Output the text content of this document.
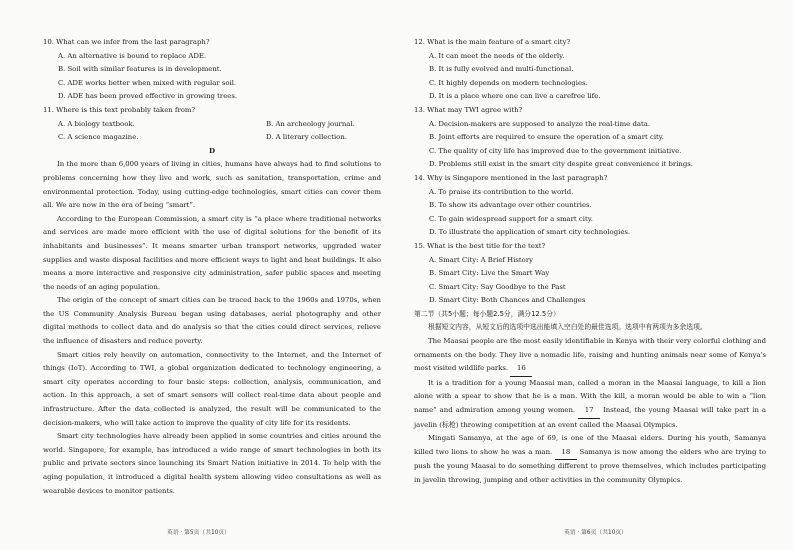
10. What can we infer from the last paragraph?
A. An alternative is bound to replace ADE.
B. Soil with similar features is in development.
C. ADE works better when mixed with regular soil.
D. ADE has been proved effective in growing trees.
11. Where is this text probably taken from?
A. A biology textbook.	B. An archeology journal.
C. A science magazine.	D. A literary collection.
D
In the more than 6,000 years of living in cities, humans have always had to find solutions to problems concerning how they live and work, such as sanitation, transportation, crime and environmental protection. Today, using cutting-edge technologies, smart cities can cover them all. We are now in the era of being “smart”.
According to the European Commission, a smart city is “a place where traditional networks and services are made more efficient with the use of digital solutions for the benefit of its inhabitants and businesses”. It means smarter urban transport networks, upgraded water supplies and waste disposal facilities and more efficient ways to light and heat buildings. It also means a more interactive and responsive city administration, safer public spaces and meeting the needs of an aging population.
The origin of the concept of smart cities can be traced back to the 1960s and 1970s, when the US Community Analysis Bureau began using databases, aerial photography and other digital methods to collect data and do analysis so that the cities could direct services, relieve the influence of disasters and reduce poverty.
Smart cities rely heavily on automation, connectivity to the Internet, and the Internet of things (IoT). According to TWI, a global organization dedicated to technology engineering, a smart city operates according to four basic steps: collection, analysis, communication, and action. In this approach, a set of smart sensors will collect real-time data about people and infrastructure. After the data collected is analyzed, the result will be communicated to the decision-makers, who will take action to improve the quality of city life for its residents.
Smart city technologies have already been applied in some countries and cities around the world. Singapore, for example, has introduced a wide range of smart technologies in both its public and private sectors since launching its Smart Nation initiative in 2014. To help with the aging population, it introduced a digital health system allowing video consultations as well as wearable devices to monitor patients.
英语 · 第5页（共10页）
12. What is the main feature of a smart city?
A. It can meet the needs of the elderly.
B. It is fully evolved and multi-functional.
C. It highly depends on modern technologies.
D. It is a place where one can live a carefree life.
13. What may TWI agree with?
A. Decision-makers are supposed to analyze the real-time data.
B. Joint efforts are required to ensure the operation of a smart city.
C. The quality of city life has improved due to the government initiative.
D. Problems still exist in the smart city despite great convenience it brings.
14. Why is Singapore mentioned in the last paragraph?
A. To praise its contribution to the world.
B. To show its advantage over other countries.
C. To gain widespread support for a smart city.
D. To illustrate the application of smart city technologies.
15. What is the best title for the text?
A. Smart City: A Brief History
B. Smart City: Live the Smart Way
C. Smart City: Say Goodbye to the Past
D. Smart City: Both Chances and Challenges
第二节（共5小题；每小题2.5分，满分12.5分）
根据短文内容，从短文后的选项中选出能填入空白处的最佳选项。选项中有两项为多余选项。
The Maasai people are the most easily identifiable in Kenya with their very colorful clothing and ornaments on the body. They live a nomadic life, raising and hunting animals near some of Kenya's most visited wildlife parks. 16
It is a tradition for a young Maasai man, called a moran in the Maasai language, to kill a lion alone with a spear to show that he is a man. With the kill, a moran would be able to win a “lion name” and admiration among young women. 17 Instead, the young Maasai will take part in a javelin (标枪) throwing competition at an event called the Maasai Olympics.
Mingati Samanya, at the age of 69, is one of the Maasai elders. During his youth, Samanya killed two lions to show he was a man. 18 Samanya is now among the elders who are trying to push the young Maasai to do something different to prove themselves, which includes participating in javelin throwing, jumping and other activities in the community Olympics.
英语 · 第6页（共10页）
